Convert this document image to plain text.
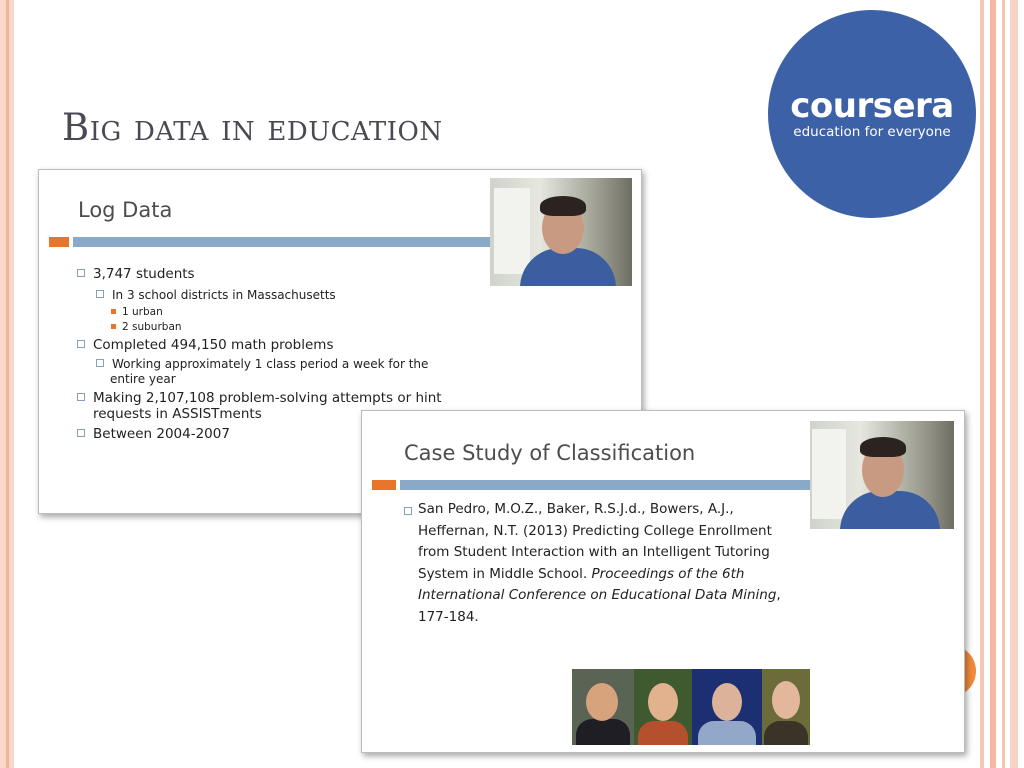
Big data in education	coursera
education for everyone
Log Data
3,747 students
In 3 school districts in Massachusetts
1 urban
2 suburban
Completed 494,150 math problems
Working approximately 1 class period a week for the
entire year
Making 2,107,108 problem-solving attempts or hint
requests in ASSISTments
Between 2004-2007
Case Study of Classification
San Pedro, M.O.Z., Baker, R.S.J.d., Bowers, A.J., Heffernan, N.T. (2013) Predicting College Enrollment from Student Interaction with an Intelligent Tutoring System in Middle School. Proceedings of the 6th International Conference on Educational Data Mining, 177-184.
